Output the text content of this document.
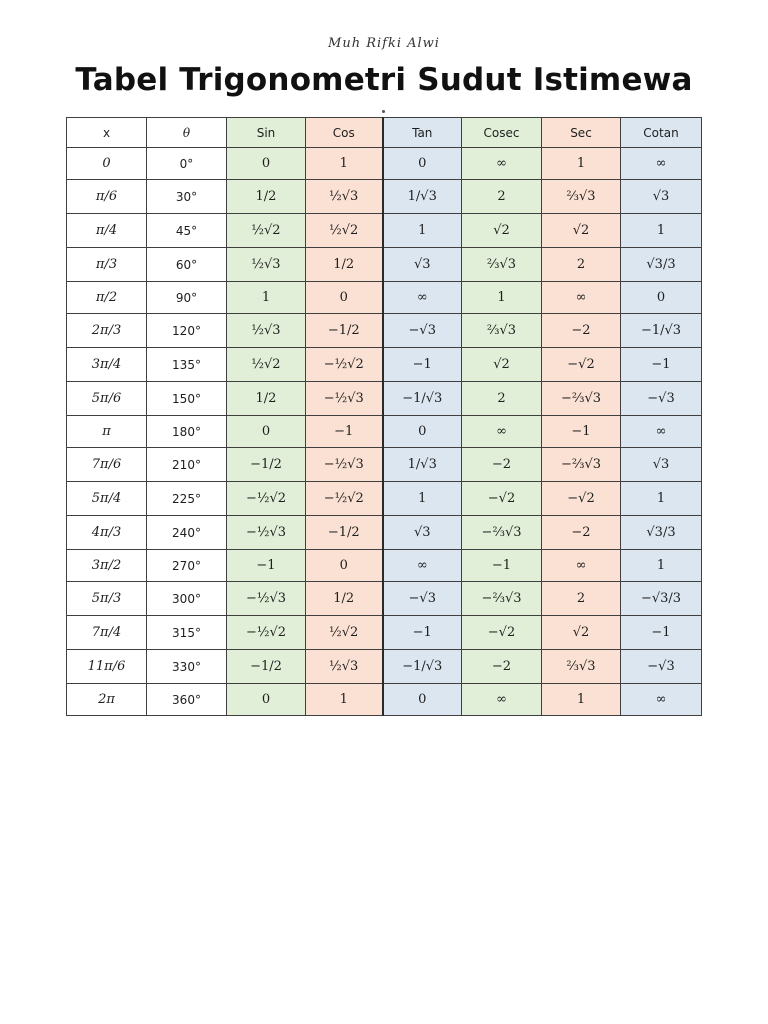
Muh Rifki Alwi
Tabel Trigonometri Sudut Istimewa
x	θ	Sin	Cos	Tan	Cosec	Sec	Cotan
0	0°	0	1	0	∞	1	∞
π/6	30°	1/2	½√3	1/√3	2	⅔√3	√3
π/4	45°	½√2	½√2	1	√2	√2	1
π/3	60°	½√3	1/2	√3	⅔√3	2	√3/3
π/2	90°	1	0	∞	1	∞	0
2π/3	120°	½√3	−1/2	−√3	⅔√3	−2	−1/√3
3π/4	135°	½√2	−½√2	−1	√2	−√2	−1
5π/6	150°	1/2	−½√3	−1/√3	2	−⅔√3	−√3
π	180°	0	−1	0	∞	−1	∞
7π/6	210°	−1/2	−½√3	1/√3	−2	−⅔√3	√3
5π/4	225°	−½√2	−½√2	1	−√2	−√2	1
4π/3	240°	−½√3	−1/2	√3	−⅔√3	−2	√3/3
3π/2	270°	−1	0	∞	−1	∞	1
5π/3	300°	−½√3	1/2	−√3	−⅔√3	2	−√3/3
7π/4	315°	−½√2	½√2	−1	−√2	√2	−1
11π/6	330°	−1/2	½√3	−1/√3	−2	⅔√3	−√3
2π	360°	0	1	0	∞	1	∞
